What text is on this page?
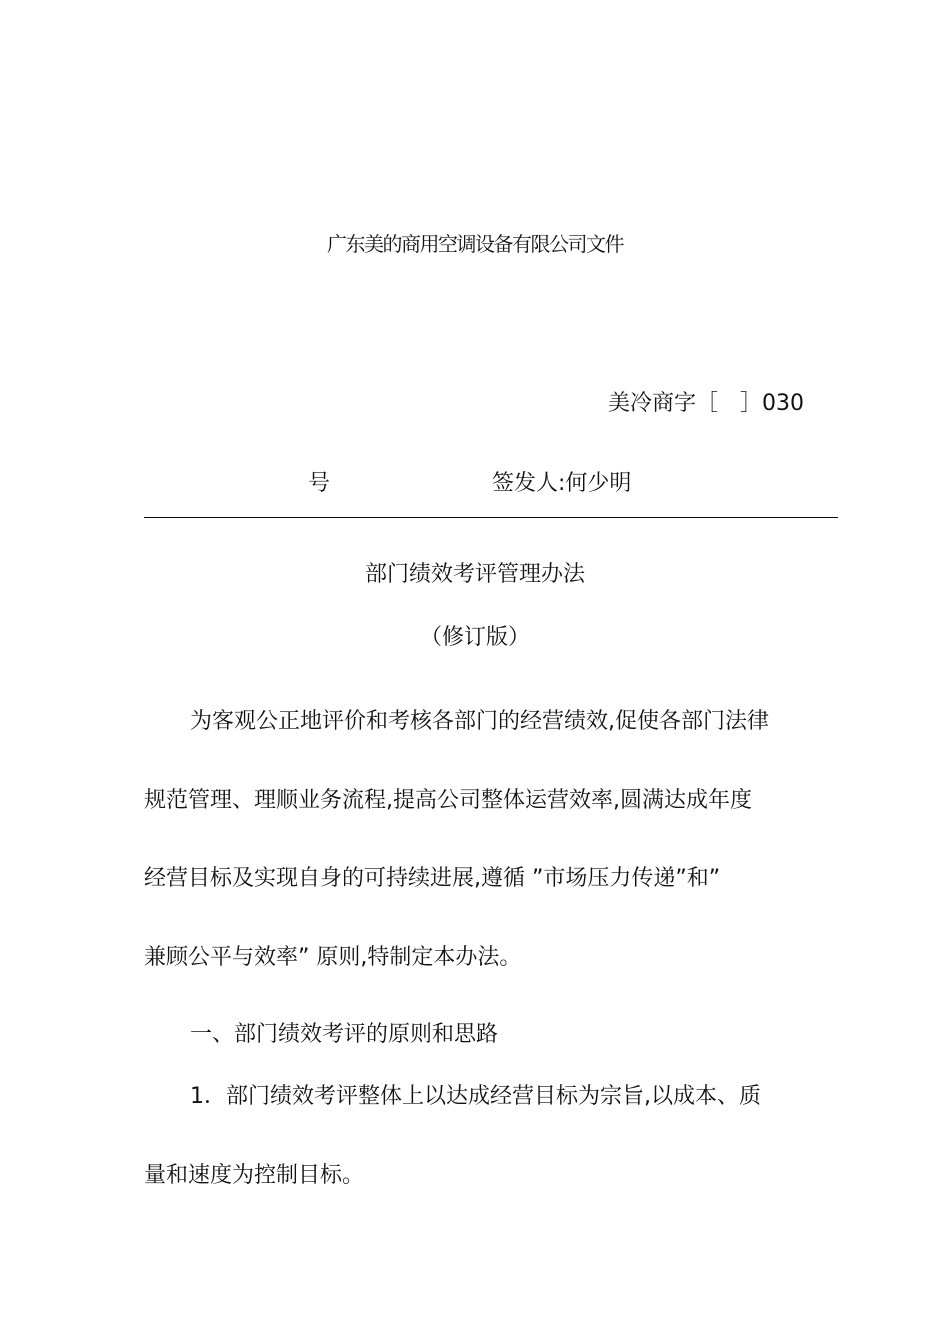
广东美的商用空调设备有限公司文件
美冷商字［　］030
号	签发人:何少明
部门绩效考评管理办法
（修订版）
为客观公正地评价和考核各部门的经营绩效,促使各部门法律
规范管理、理顺业务流程,提高公司整体运营效率,圆满达成年度
经营目标及实现自身的可持续进展,遵循 ”市场压力传递”和”
兼顾公平与效率” 原则,特制定本办法。
一、部门绩效考评的原则和思路
1．部门绩效考评整体上以达成经营目标为宗旨,以成本、质
量和速度为控制目标。
